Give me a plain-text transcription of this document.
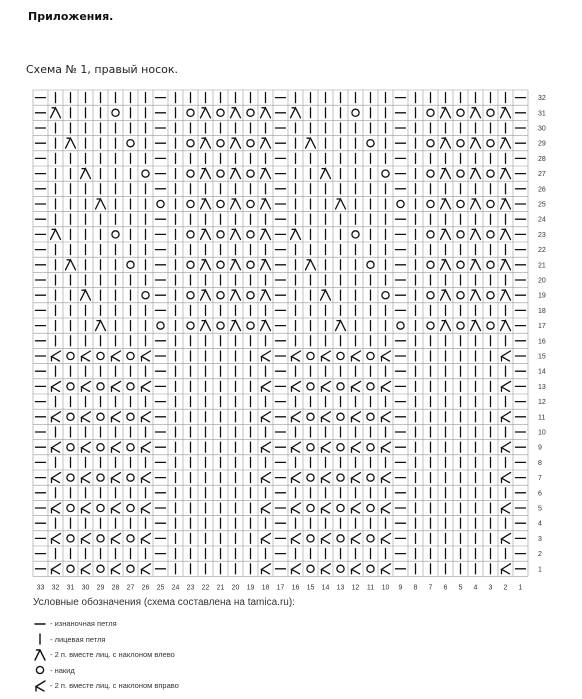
Приложения.
Схема № 1, правый носок.
32
31
30
29
28
27
26
25
24
23
22
21
20
19
18
17
16
15
14
13
12
11
10
9
8
7
6
5
4
3
2
1
33 32 31 30 29 28 27 26 25 24 23 22 21 20 19 18 17 16 15 14 13 12 11 10 9 8 7 6 5 4 3 2 1
Условные обозначения (схема составлена на tamica.ru):
- изнаночная петля
- лицевая петля
- 2 п. вместе лиц. с наклоном влево
- накид
- 2 п. вместе лиц. с наклоном вправо
